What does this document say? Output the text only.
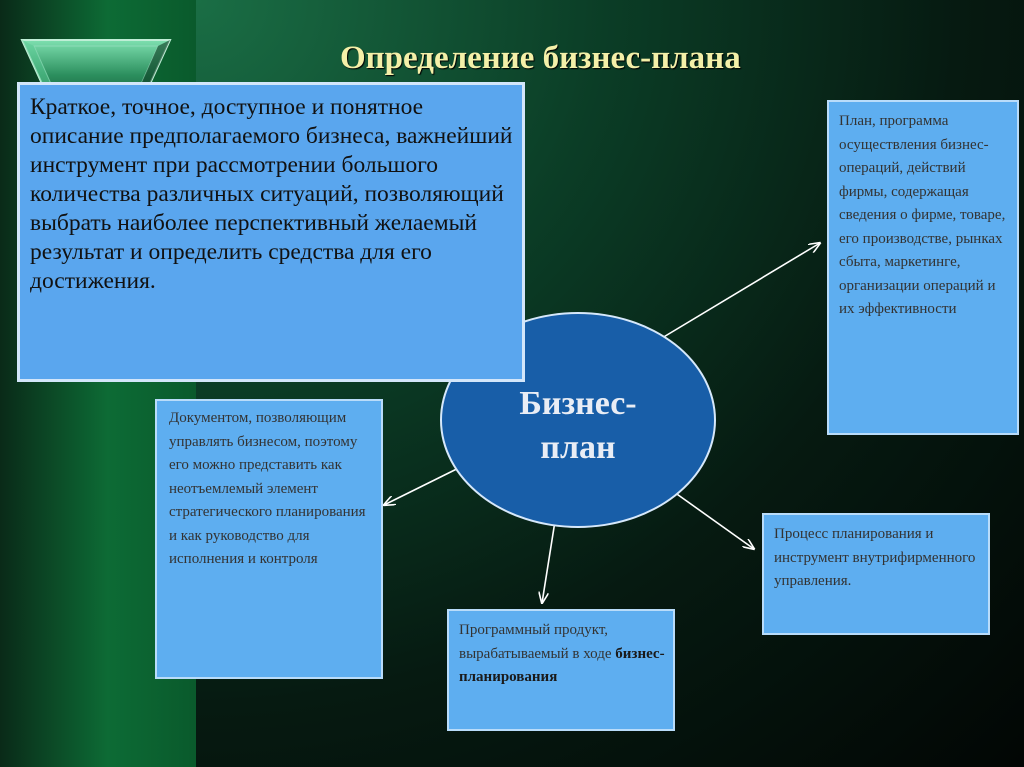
Определение бизнес-плана
Бизнес-
план
Краткое, точное, доступное и понятное описание предполагаемого бизнеса, важнейший инструмент при рассмотрении большого количества различных ситуаций, позволяющий выбрать наиболее перспективный желаемый результат и определить средства для его достижения.
План, программа осуществления бизнес-операций, действий фирмы, содержащая сведения о фирме, товаре, его производстве, рынках сбыта, маркетинге, организации операций и их эффективности
Документом, позволяющим управлять бизнесом, поэтому его можно представить как неотъемлемый элемент стратегического планирования и как руководство для исполнения и контроля
Процесс планирования и инструмент внутрифирменного управления.
Программный продукт, вырабатываемый в ходе бизнес-планирования
